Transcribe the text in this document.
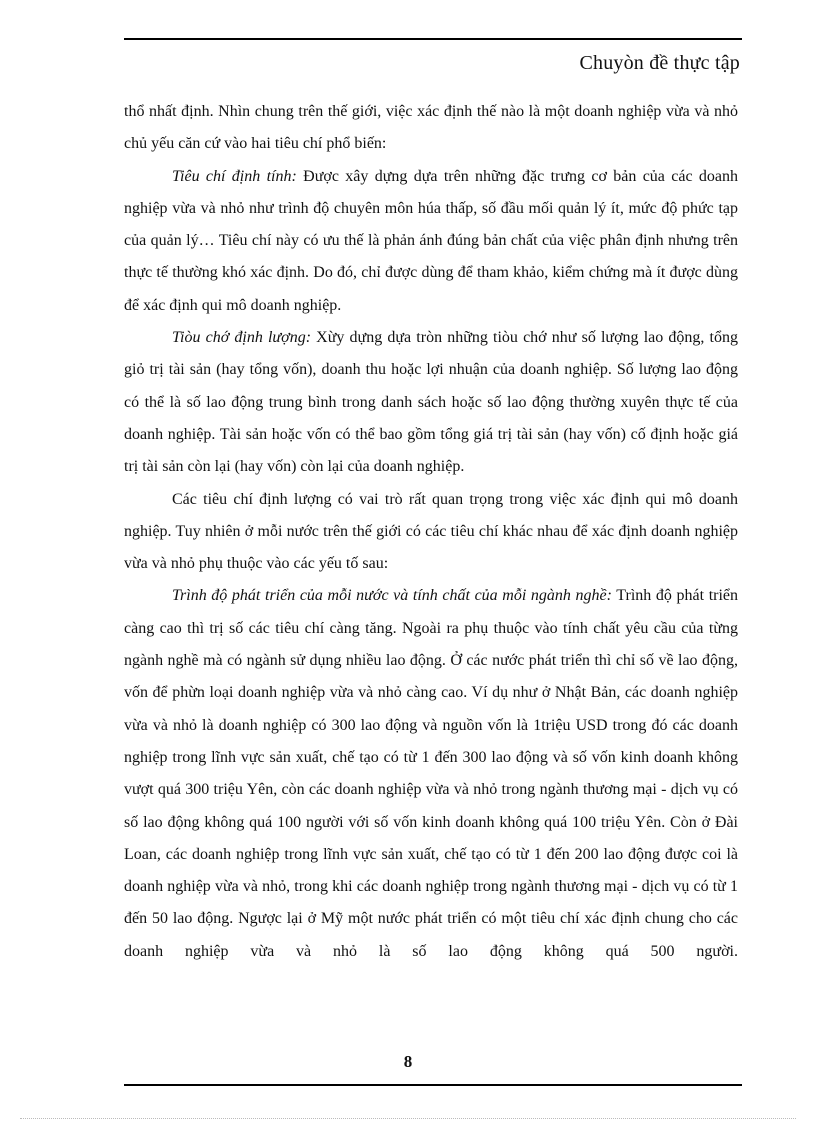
Chuyòn đề thực tập

thổ nhất định. Nhìn chung trên thế giới, việc xác định thế nào là một doanh nghiệp vừa và nhỏ chủ yếu căn cứ vào hai tiêu chí phổ biến:

Tiêu chí định tính: Được xây dựng dựa trên những đặc trưng cơ bản của các doanh nghiệp vừa và nhỏ như trình độ chuyên môn húa thấp, số đầu mối quản lý ít, mức độ phức tạp của quản lý… Tiêu chí này có ưu thế là phản ánh đúng bản chất của việc phân định nhưng trên thực tế thường khó xác định. Do đó, chỉ được dùng để tham khảo, kiểm chứng mà ít được dùng để xác định qui mô doanh nghiệp.

Tiòu chớ định lượng: Xừy dựng dựa tròn những tiòu chớ như số lượng lao động, tổng giỏ trị tài sản (hay tổng vốn), doanh thu hoặc lợi nhuận của doanh nghiệp. Số lượng lao động có thể là số lao động trung bình trong danh sách hoặc số lao động thường xuyên thực tế của doanh nghiệp. Tài sản hoặc vốn có thể bao gồm tổng giá trị tài sản (hay vốn) cố định hoặc giá trị tài sản còn lại (hay vốn) còn lại của doanh nghiệp.

Các tiêu chí định lượng có vai trò rất quan trọng trong việc xác định qui mô doanh nghiệp. Tuy nhiên ở mỗi nước trên thế giới có các tiêu chí khác nhau để xác định doanh nghiệp vừa và nhỏ phụ thuộc vào các yếu tố sau:

Trình độ phát triển của mỗi nước và tính chất của mỗi ngành nghề: Trình độ phát triển càng cao thì trị số các tiêu chí càng tăng. Ngoài ra phụ thuộc vào tính chất yêu cầu của từng ngành nghề mà có ngành sử dụng nhiều lao động. Ở các nước phát triển thì chỉ số về lao động, vốn để phừn loại doanh nghiệp vừa và nhỏ càng cao. Ví dụ như ở Nhật Bản, các doanh nghiệp vừa và nhỏ là doanh nghiệp có 300 lao động và nguồn vốn là 1triệu USD trong đó các doanh nghiệp trong lĩnh vực sản xuất, chế tạo có từ 1 đến 300 lao động và số vốn kinh doanh không vượt quá 300 triệu Yên, còn các doanh nghiệp vừa và nhỏ trong ngành thương mại - dịch vụ có số lao động không quá 100 người với số vốn kinh doanh không quá 100 triệu Yên. Còn ở Đài Loan, các doanh nghiệp trong lĩnh vực sản xuất, chế tạo có từ 1 đến 200 lao động được coi là doanh nghiệp vừa và nhỏ, trong khi các doanh nghiệp trong ngành thương mại - dịch vụ có từ 1 đến 50 lao động. Ngược lại ở Mỹ một nước phát triển có một tiêu chí xác định chung cho các doanh nghiệp vừa và nhỏ là số lao động không quá 500 người.

8
